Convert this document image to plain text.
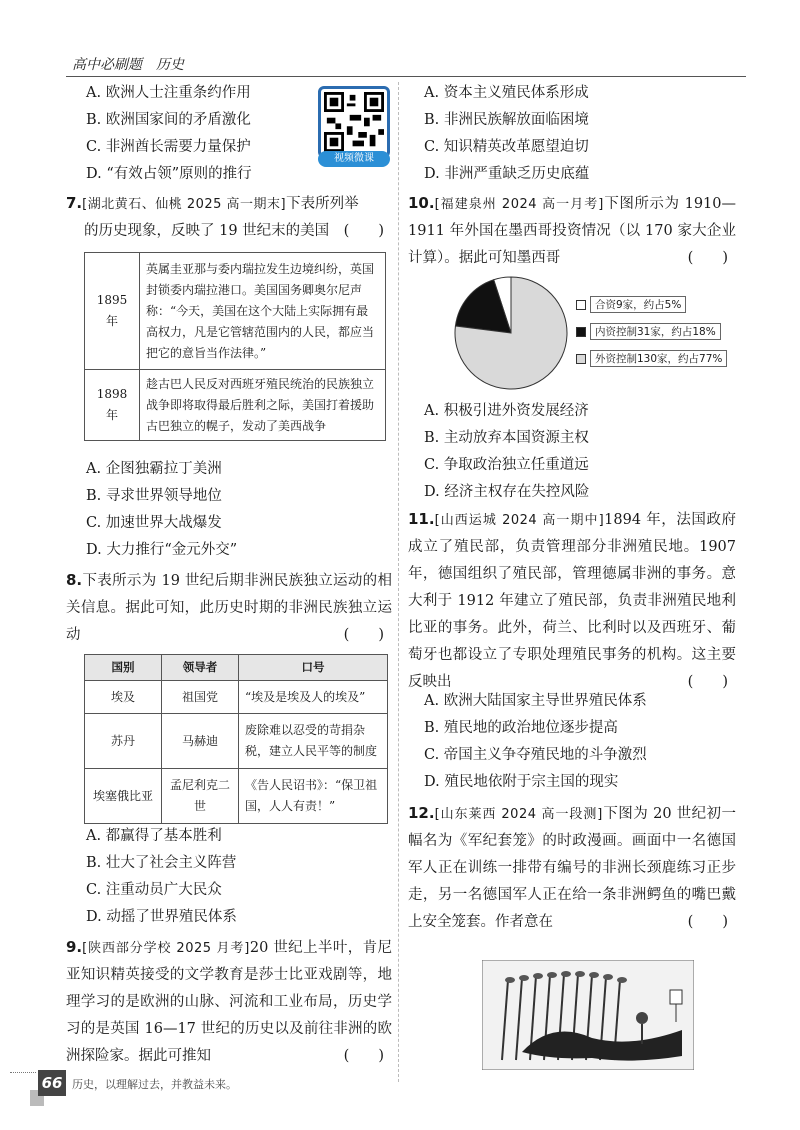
高中必刷题　历史
视频微课
A. 欧洲人士注重条约作用
B. 欧洲国家间的矛盾激化
C. 非洲酋长需要力量保护
D. “有效占领”原则的推行
7.[湖北黄石、仙桃 2025 高一期末]下表所列举
的历史现象，反映了 19 世纪末的美国 (　　)
1895 年	英属圭亚那与委内瑞拉发生边境纠纷，英国封锁委内瑞拉港口。美国国务卿奥尔尼声称：“今天，美国在这个大陆上实际拥有最高权力，凡是它管辖范围内的人民，都应当把它的意旨当作法律。”
1898 年	趁古巴人民反对西班牙殖民统治的民族独立战争即将取得最后胜利之际，美国打着援助古巴独立的幌子，发动了美西战争
A. 企图独霸拉丁美洲
B. 寻求世界领导地位
C. 加速世界大战爆发
D. 大力推行“金元外交”
8.下表所示为 19 世纪后期非洲民族独立运动的相关信息。据此可知，此历史时期的非洲民族独立运动	(　　)
国别	领导者	口号
埃及	祖国党	“埃及是埃及人的埃及”
苏丹	马赫迪	废除难以忍受的苛捐杂税，建立人民平等的制度
埃塞俄比亚	孟尼利克二世	《告人民诏书》：“保卫祖国，人人有责！”
A. 都赢得了基本胜利
B. 壮大了社会主义阵营
C. 注重动员广大民众
D. 动摇了世界殖民体系
9.[陕西部分学校 2025 月考]20 世纪上半叶，肯尼亚知识精英接受的文学教育是莎士比亚戏剧等，地理学习的是欧洲的山脉、河流和工业布局，历史学习的是英国 16—17 世纪的历史以及前往非洲的欧洲探险家。据此可推知	(　　)
A. 资本主义殖民体系形成
B. 非洲民族解放面临困境
C. 知识精英改革愿望迫切
D. 非洲严重缺乏历史底蕴
10.[福建泉州 2024 高一月考]下图所示为 1910—1911 年外国在墨西哥投资情况（以 170 家大企业计算）。据此可知墨西哥	(　　)
合资9家，约占5%
内资控制31家，约占18%
外资控制130家，约占77%
A. 积极引进外资发展经济
B. 主动放弃本国资源主权
C. 争取政治独立任重道远
D. 经济主权存在失控风险
11.[山西运城 2024 高一期中]1894 年，法国政府成立了殖民部，负责管理部分非洲殖民地。1907 年，德国组织了殖民部，管理德属非洲的事务。意大利于 1912 年建立了殖民部，负责非洲殖民地利比亚的事务。此外，荷兰、比利时以及西班牙、葡萄牙也都设立了专职处理殖民事务的机构。这主要反映出	(　　)
A. 欧洲大陆国家主导世界殖民体系
B. 殖民地的政治地位逐步提高
C. 帝国主义争夺殖民地的斗争激烈
D. 殖民地依附于宗主国的现实
12.[山东莱西 2024 高一段测]下图为 20 世纪初一幅名为《军纪套笼》的时政漫画。画面中一名德国军人正在训练一排带有编号的非洲长颈鹿练习正步走，另一名德国军人正在给一条非洲鳄鱼的嘴巴戴上安全笼套。作者意在	(　　)
66 历史，以理解过去，并教益未来。
